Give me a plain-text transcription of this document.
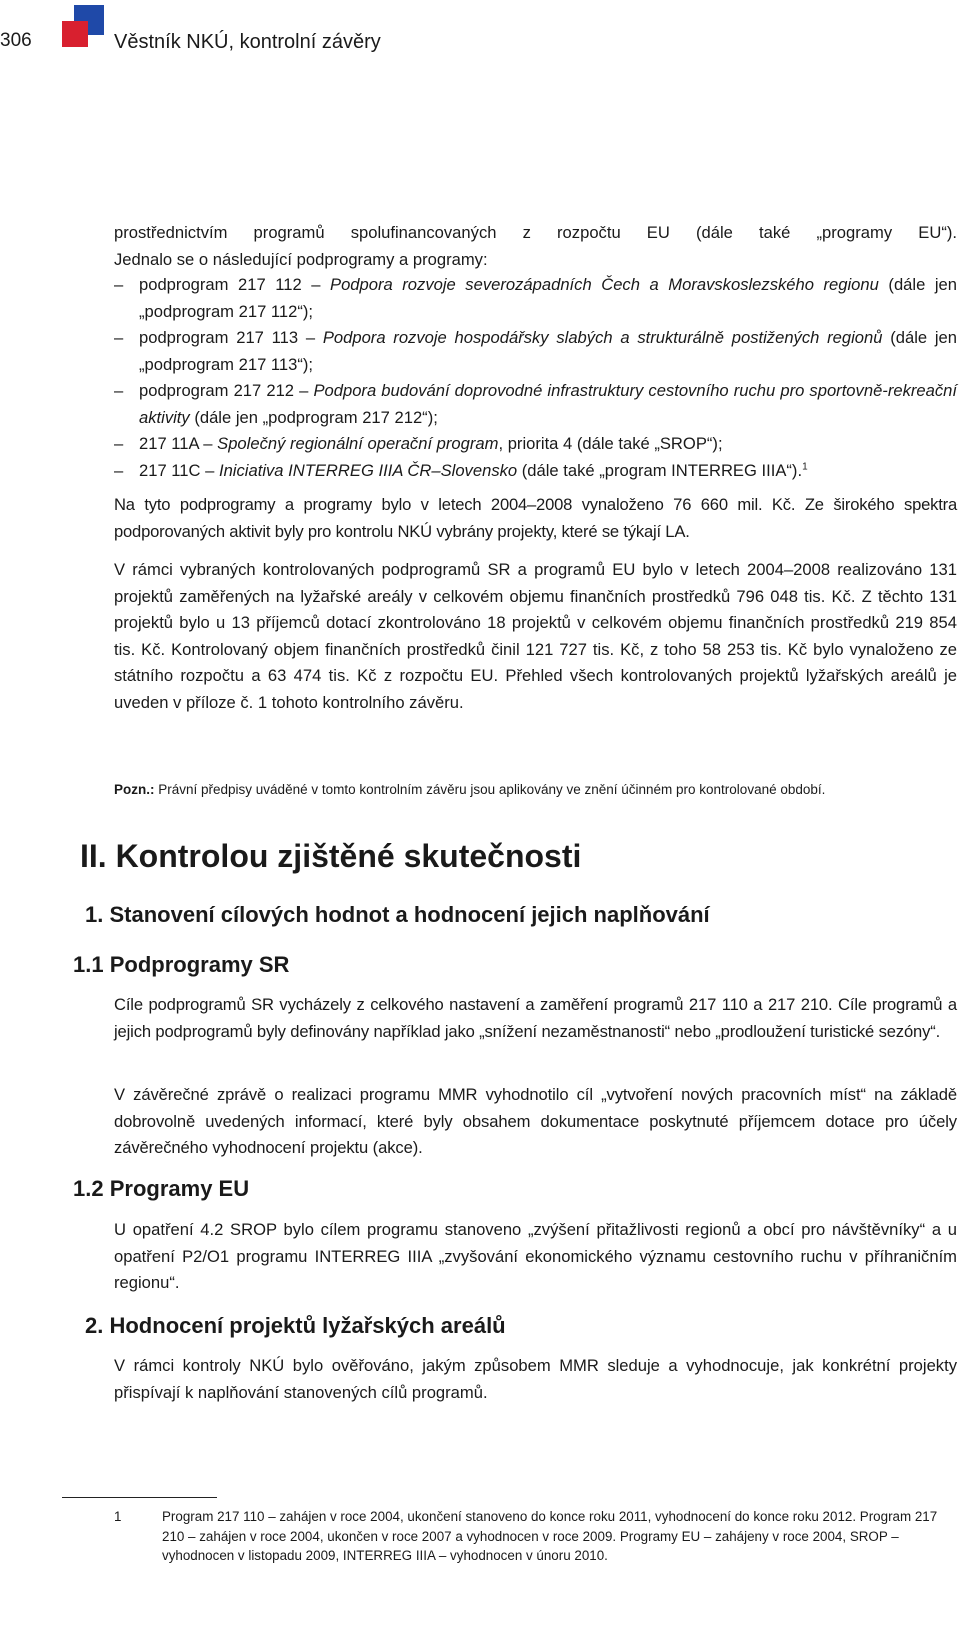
306	Věstník NKÚ, kontrolní závěry

prostřednictvím programů spolufinancovaných z rozpočtu EU (dále také „programy EU“).

Jednalo se o následující podprogramy a programy:

– podprogram 217 112 – Podpora rozvoje severozápadních Čech a Moravskoslezského regionu (dále jen „podprogram 217 112“);
– podprogram 217 113 – Podpora rozvoje hospodářsky slabých a strukturálně postižených regionů (dále jen „podprogram 217 113“);
– podprogram 217 212 – Podpora budování doprovodné infrastruktury cestovního ruchu pro sportovně-rekreační aktivity (dále jen „podprogram 217 212“);
– 217 11A – Společný regionální operační program, priorita 4 (dále také „SROP“);
– 217 11C – Iniciativa INTERREG IIIA ČR–Slovensko (dále také „program INTERREG IIIA“).$^1$

Na tyto podprogramy a programy bylo v letech 2004–2008 vynaloženo 76 660 mil. Kč. Ze širokého spektra podporovaných aktivit byly pro kontrolu NKÚ vybrány projekty, které se týkají LA.

V rámci vybraných kontrolovaných podprogramů SR a programů EU bylo v letech 2004–2008 realizováno 131 projektů zaměřených na lyžařské areály v celkovém objemu finančních prostředků 796 048 tis. Kč. Z těchto 131 projektů bylo u 13 příjemců dotací zkontrolováno 18 projektů v celkovém objemu finančních prostředků 219 854 tis. Kč. Kontrolovaný objem finančních prostředků činil 121 727 tis. Kč, z toho 58 253 tis. Kč bylo vynaloženo ze státního rozpočtu a 63 474 tis. Kč z rozpočtu EU. Přehled všech kontrolovaných projektů lyžařských areálů je uveden v příloze č. 1 tohoto kontrolního závěru.

Pozn.: Právní předpisy uváděné v tomto kontrolním závěru jsou aplikovány ve znění účinném pro kontrolované období.
II. Kontrolou zjištěné skutečnosti
1. Stanovení cílových hodnot a hodnocení jejich naplňování
1.1 Podprogramy SR

Cíle podprogramů SR vycházely z celkového nastavení a zaměření programů 217 110 a 217 210. Cíle programů a jejich podprogramů byly definovány například jako „snížení nezaměstnanosti“ nebo „prodloužení turistické sezóny“.

V závěrečné zprávě o realizaci programu MMR vyhodnotilo cíl „vytvoření nových pracovních míst“ na základě dobrovolně uvedených informací, které byly obsahem dokumentace poskytnuté příjemcem dotace pro účely závěrečného vyhodnocení projektu (akce).

1.2 Programy EU

U opatření 4.2 SROP bylo cílem programu stanoveno „zvýšení přitažlivosti regionů a obcí pro návštěvníky“ a u opatření P2/O1 programu INTERREG IIIA „zvyšování ekonomického významu cestovního ruchu v příhraničním regionu“.

2. Hodnocení projektů lyžařských areálů

V rámci kontroly NKÚ bylo ověřováno, jakým způsobem MMR sleduje a vyhodnocuje, jak konkrétní projekty přispívají k naplňování stanovených cílů programů.

1	Program 217 110 – zahájen v roce 2004, ukončení stanoveno do konce roku 2011, vyhodnocení do konce roku 2012. Program 217 210 – zahájen v roce 2004, ukončen v roce 2007 a vyhodnocen v roce 2009. Programy EU – zahájeny v roce 2004, SROP – vyhodnocen v listopadu 2009, INTERREG IIIA – vyhodnocen v únoru 2010.
